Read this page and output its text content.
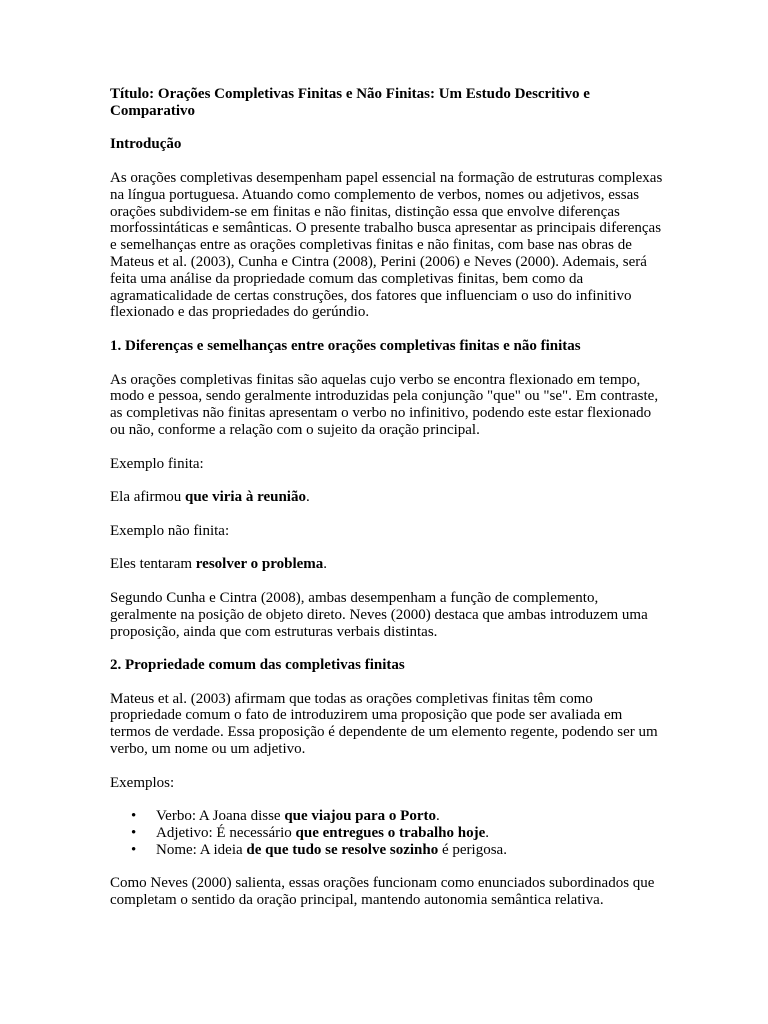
Título: Orações Completivas Finitas e Não Finitas: Um Estudo Descritivo e Comparativo

Introdução

As orações completivas desempenham papel essencial na formação de estruturas complexas na língua portuguesa. Atuando como complemento de verbos, nomes ou adjetivos, essas orações subdividem-se em finitas e não finitas, distinção essa que envolve diferenças morfossintáticas e semânticas. O presente trabalho busca apresentar as principais diferenças e semelhanças entre as orações completivas finitas e não finitas, com base nas obras de Mateus et al. (2003), Cunha e Cintra (2008), Perini (2006) e Neves (2000). Ademais, será feita uma análise da propriedade comum das completivas finitas, bem como da agramaticalidade de certas construções, dos fatores que influenciam o uso do infinitivo flexionado e das propriedades do gerúndio.

1. Diferenças e semelhanças entre orações completivas finitas e não finitas

As orações completivas finitas são aquelas cujo verbo se encontra flexionado em tempo, modo e pessoa, sendo geralmente introduzidas pela conjunção "que" ou "se". Em contraste, as completivas não finitas apresentam o verbo no infinitivo, podendo este estar flexionado ou não, conforme a relação com o sujeito da oração principal.

Exemplo finita:

Ela afirmou que viria à reunião.

Exemplo não finita:

Eles tentaram resolver o problema.

Segundo Cunha e Cintra (2008), ambas desempenham a função de complemento, geralmente na posição de objeto direto. Neves (2000) destaca que ambas introduzem uma proposição, ainda que com estruturas verbais distintas.

2. Propriedade comum das completivas finitas

Mateus et al. (2003) afirmam que todas as orações completivas finitas têm como propriedade comum o fato de introduzirem uma proposição que pode ser avaliada em termos de verdade. Essa proposição é dependente de um elemento regente, podendo ser um verbo, um nome ou um adjetivo.

Exemplos:

• Verbo: A Joana disse que viajou para o Porto.
• Adjetivo: É necessário que entregues o trabalho hoje.
• Nome: A ideia de que tudo se resolve sozinho é perigosa.

Como Neves (2000) salienta, essas orações funcionam como enunciados subordinados que completam o sentido da oração principal, mantendo autonomia semântica relativa.
